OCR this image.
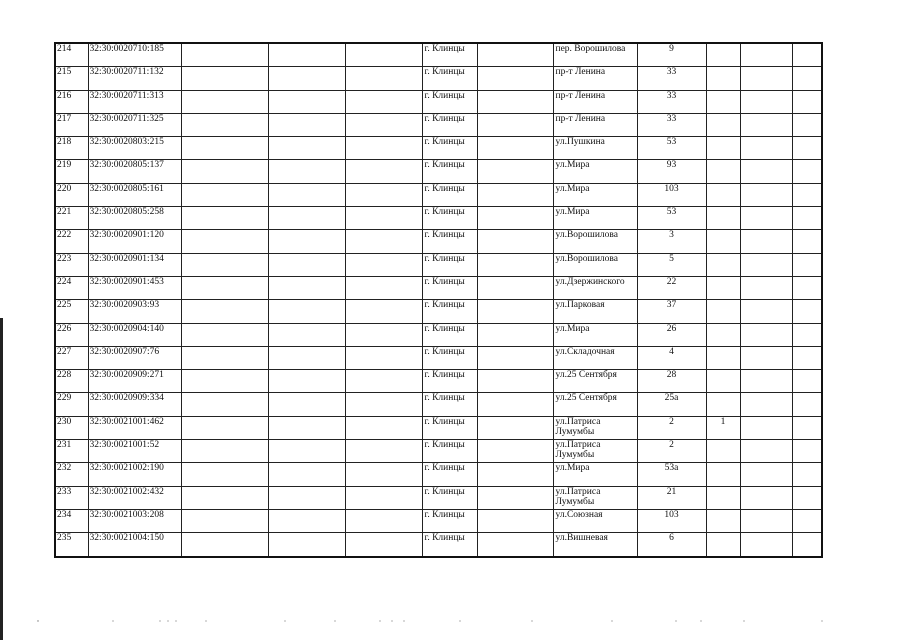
214	32:30:0020710:185				г. Клинцы		пер. Ворошилова	9			
215	32:30:0020711:132				г. Клинцы		пр-т Ленина	33			
216	32:30:0020711:313				г. Клинцы		пр-т Ленина	33			
217	32:30:0020711:325				г. Клинцы		пр-т Ленина	33			
218	32:30:0020803:215				г. Клинцы		ул.Пушкина	53			
219	32:30:0020805:137				г. Клинцы		ул.Мира	93			
220	32:30:0020805:161				г. Клинцы		ул.Мира	103			
221	32:30:0020805:258				г. Клинцы		ул.Мира	53			
222	32:30:0020901:120				г. Клинцы		ул.Ворошилова	3			
223	32:30:0020901:134				г. Клинцы		ул.Ворошилова	5			
224	32:30:0020901:453				г. Клинцы		ул.Дзержинского	22			
225	32:30:0020903:93				г. Клинцы		ул.Парковая	37			
226	32:30:0020904:140				г. Клинцы		ул.Мира	26			
227	32:30:0020907:76				г. Клинцы		ул.Складочная	4			
228	32:30:0020909:271				г. Клинцы		ул.25 Сентября	28			
229	32:30:0020909:334				г. Клинцы		ул.25 Сентября	25а			
230	32:30:0021001:462				г. Клинцы		ул.Патриса Лумумбы	2	1		
231	32:30:0021001:52				г. Клинцы		ул.Патриса Лумумбы	2			
232	32:30:0021002:190				г. Клинцы		ул.Мира	53а			
233	32:30:0021002:432				г. Клинцы		ул.Патриса Лумумбы	21			
234	32:30:0021003:208				г. Клинцы		ул.Союзная	103			
235	32:30:0021004:150				г. Клинцы		ул.Вишневая	6			
